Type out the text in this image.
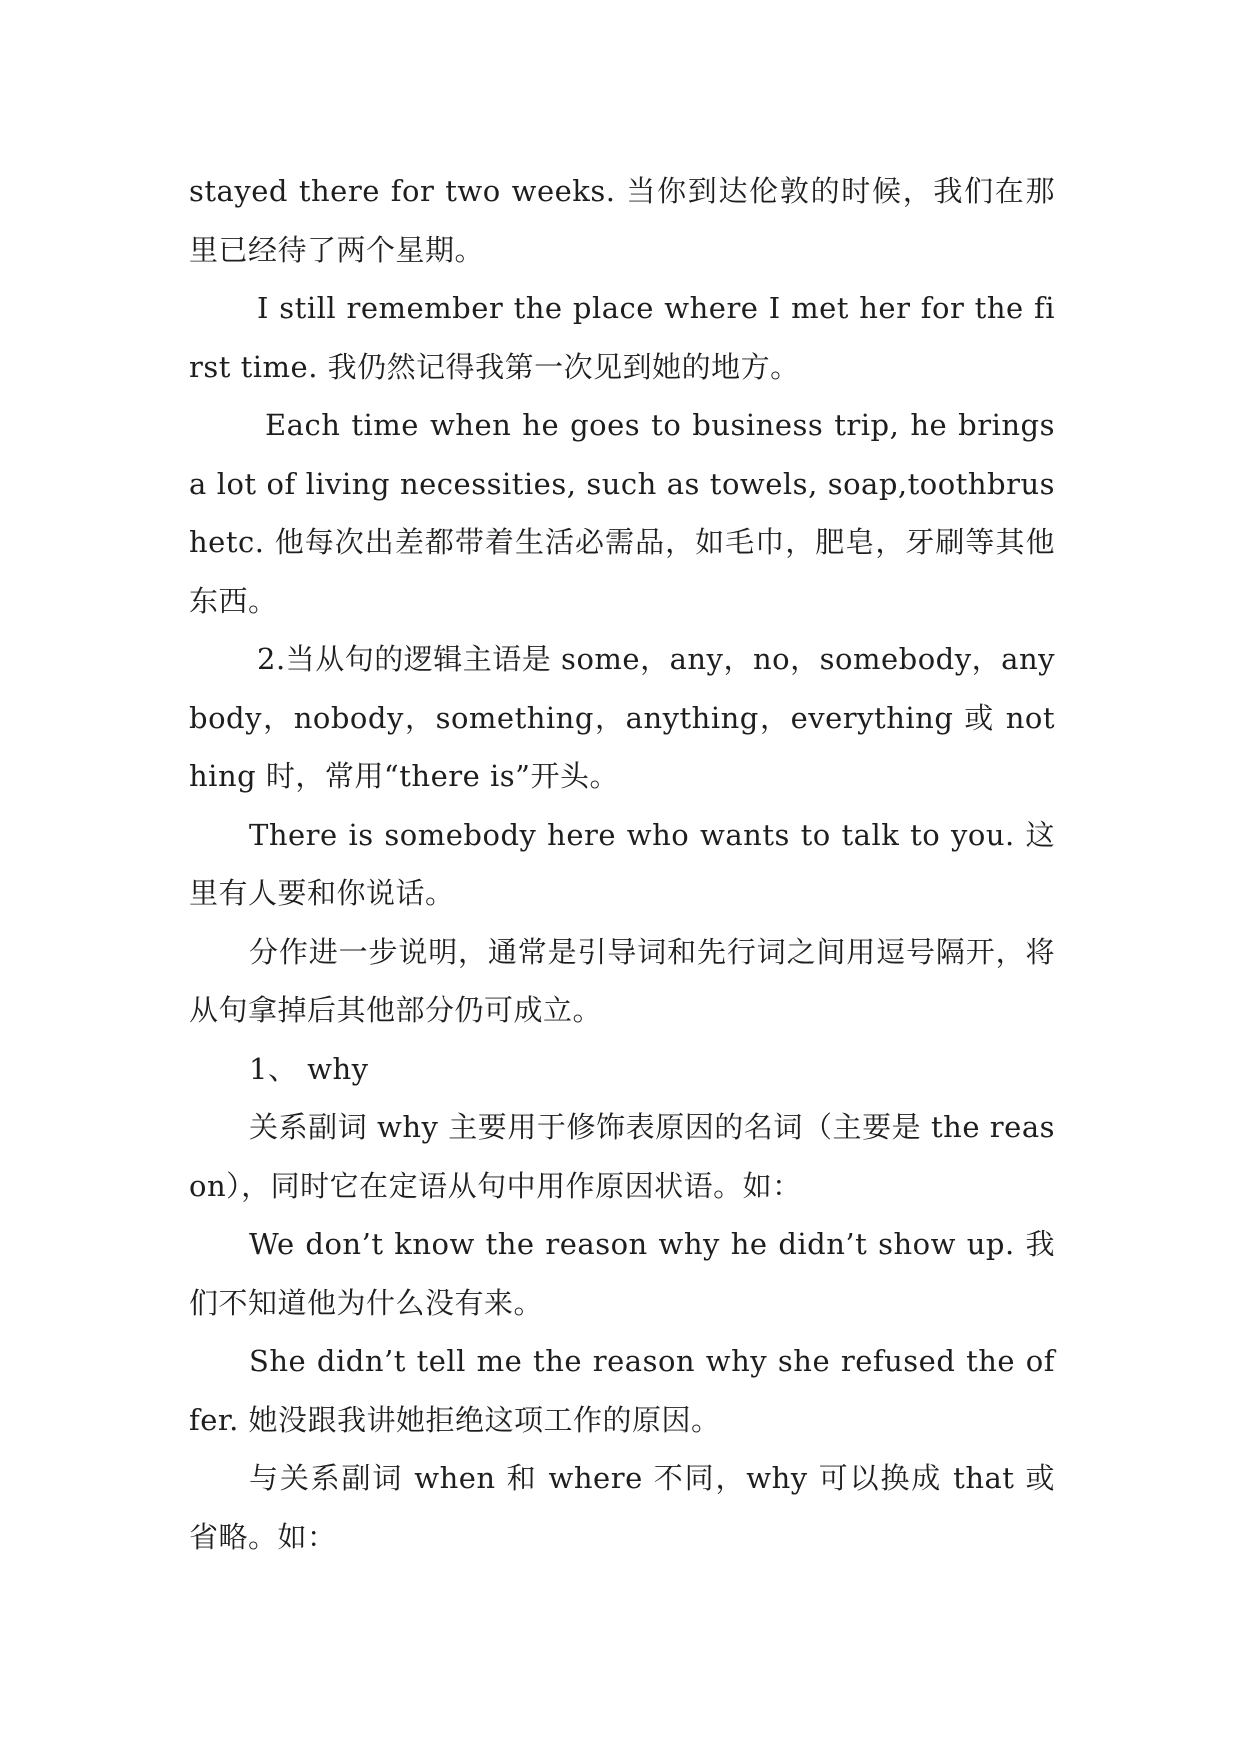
stayed there for two weeks. 当你到达伦敦的时候，我们在那里已经待了两个星期。

I still remember the place where I met her for the first time. 我仍然记得我第一次见到她的地方。

Each time when he goes to business trip, he brings a lot of living necessities, such as towels, soap,toothbrushetc. 他每次出差都带着生活必需品，如毛巾，肥皂，牙刷等其他东西。

2.当从句的逻辑主语是 some，any，no，somebody，anybody，nobody，something，anything，everything 或 nothing 时，常用“there is”开头。

There is somebody here who wants to talk to you. 这里有人要和你说话。

分作进一步说明，通常是引导词和先行词之间用逗号隔开，将从句拿掉后其他部分仍可成立。

1、 why

关系副词 why 主要用于修饰表原因的名词（主要是 the reason），同时它在定语从句中用作原因状语。如：

We don’t know the reason why he didn’t show up. 我们不知道他为什么没有来。

She didn’t tell me the reason why she refused the offer. 她没跟我讲她拒绝这项工作的原因。

与关系副词 when 和 where 不同，why 可以换成 that 或省略。如：
